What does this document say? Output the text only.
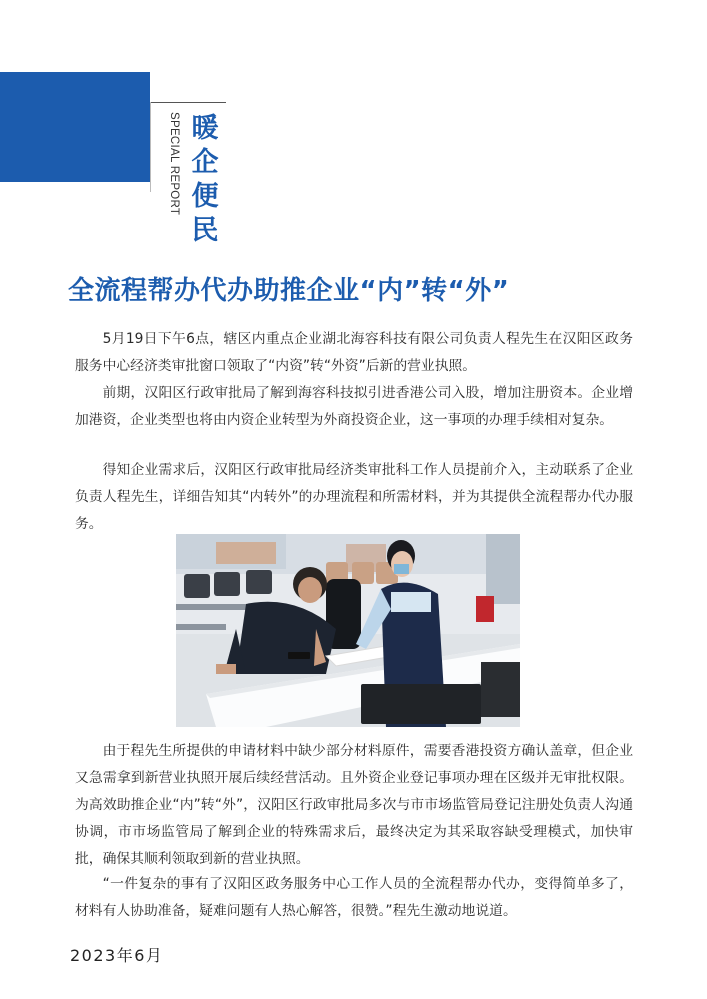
SPECIAL REPORT 暖
企
便
民
全流程帮办代办助推企业“内”转“外”

5月19日下午6点，辖区内重点企业湖北海容科技有限公司负责人程先生在汉阳区政务服务中心经济类审批窗口领取了“内资”转“外资”后新的营业执照。

前期，汉阳区行政审批局了解到海容科技拟引进香港公司入股，增加注册资本。企业增加港资，企业类型也将由内资企业转型为外商投资企业，这一事项的办理手续相对复杂。

得知企业需求后，汉阳区行政审批局经济类审批科工作人员提前介入，主动联系了企业负责人程先生，详细告知其“内转外”的办理流程和所需材料，并为其提供全流程帮办代办服务。

由于程先生所提供的申请材料中缺少部分材料原件，需要香港投资方确认盖章，但企业又急需拿到新营业执照开展后续经营活动。且外资企业登记事项办理在区级并无审批权限。为高效助推企业“内”转“外”，汉阳区行政审批局多次与市市场监管局登记注册处负责人沟通协调，市市场监管局了解到企业的特殊需求后，最终决定为其采取容缺受理模式，加快审批，确保其顺利领取到新的营业执照。

“一件复杂的事有了汉阳区政务服务中心工作人员的全流程帮办代办，变得简单多了，材料有人协助准备，疑难问题有人热心解答，很赞。”程先生激动地说道。

2023年6月
